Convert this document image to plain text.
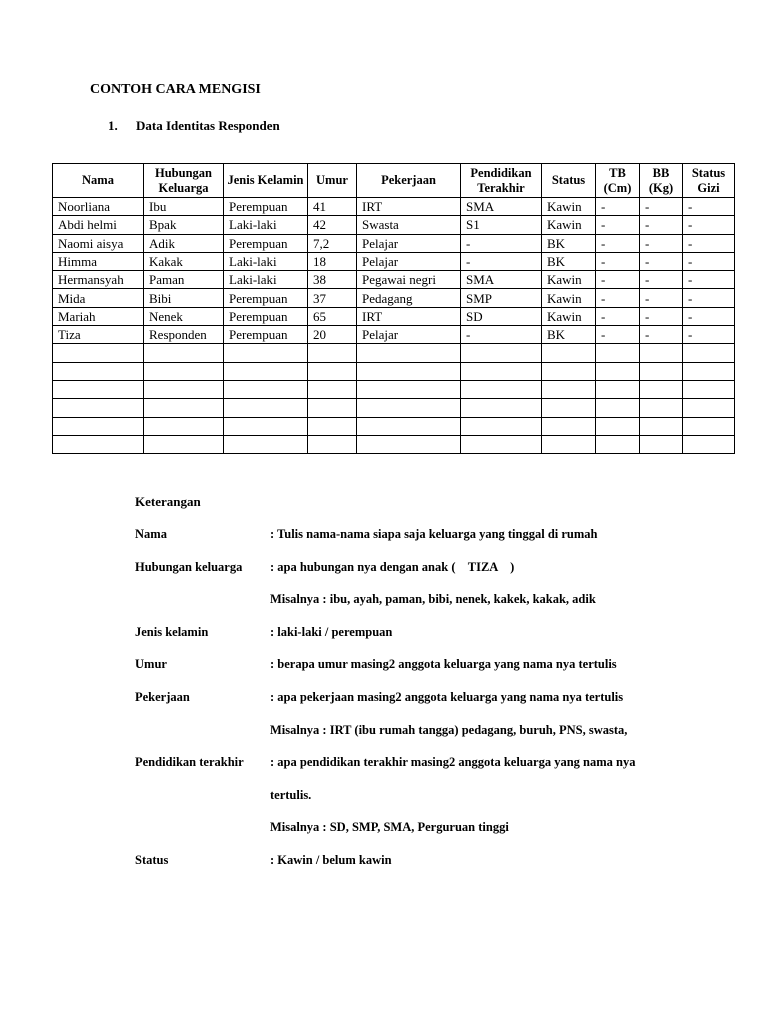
CONTOH CARA MENGISI
1. Data Identitas Responden
Nama	Hubungan Keluarga	Jenis Kelamin	Umur	Pekerjaan	Pendidikan Terakhir	Status	TB (Cm)	BB (Kg)	Status Gizi
Noorliana	Ibu	Perempuan	41	IRT	SMA	Kawin	-	-	-
Abdi helmi	Bpak	Laki-laki	42	Swasta	S1	Kawin	-	-	-
Naomi aisya	Adik	Perempuan	7,2	Pelajar	-	BK	-	-	-
Himma	Kakak	Laki-laki	18	Pelajar	-	BK	-	-	-
Hermansyah	Paman	Laki-laki	38	Pegawai negri	SMA	Kawin	-	-	-
Mida	Bibi	Perempuan	37	Pedagang	SMP	Kawin	-	-	-
Mariah	Nenek	Perempuan	65	IRT	SD	Kawin	-	-	-
Tiza	Responden	Perempuan	20	Pelajar	-	BK	-	-	-

Keterangan
Nama	: Tulis nama-nama siapa saja keluarga yang tinggal di rumah
Hubungan keluarga	: apa hubungan nya dengan anak (    TIZA    )
Misalnya : ibu, ayah, paman, bibi, nenek, kakek, kakak, adik
Jenis kelamin	: laki-laki / perempuan
Umur	: berapa umur masing2 anggota keluarga yang nama nya tertulis
Pekerjaan	: apa pekerjaan masing2 anggota keluarga yang nama nya tertulis
Misalnya : IRT (ibu rumah tangga) pedagang, buruh, PNS, swasta,
Pendidikan terakhir	: apa pendidikan terakhir masing2 anggota keluarga yang nama nya
tertulis.
Misalnya : SD, SMP, SMA, Perguruan tinggi
Status	: Kawin / belum kawin
